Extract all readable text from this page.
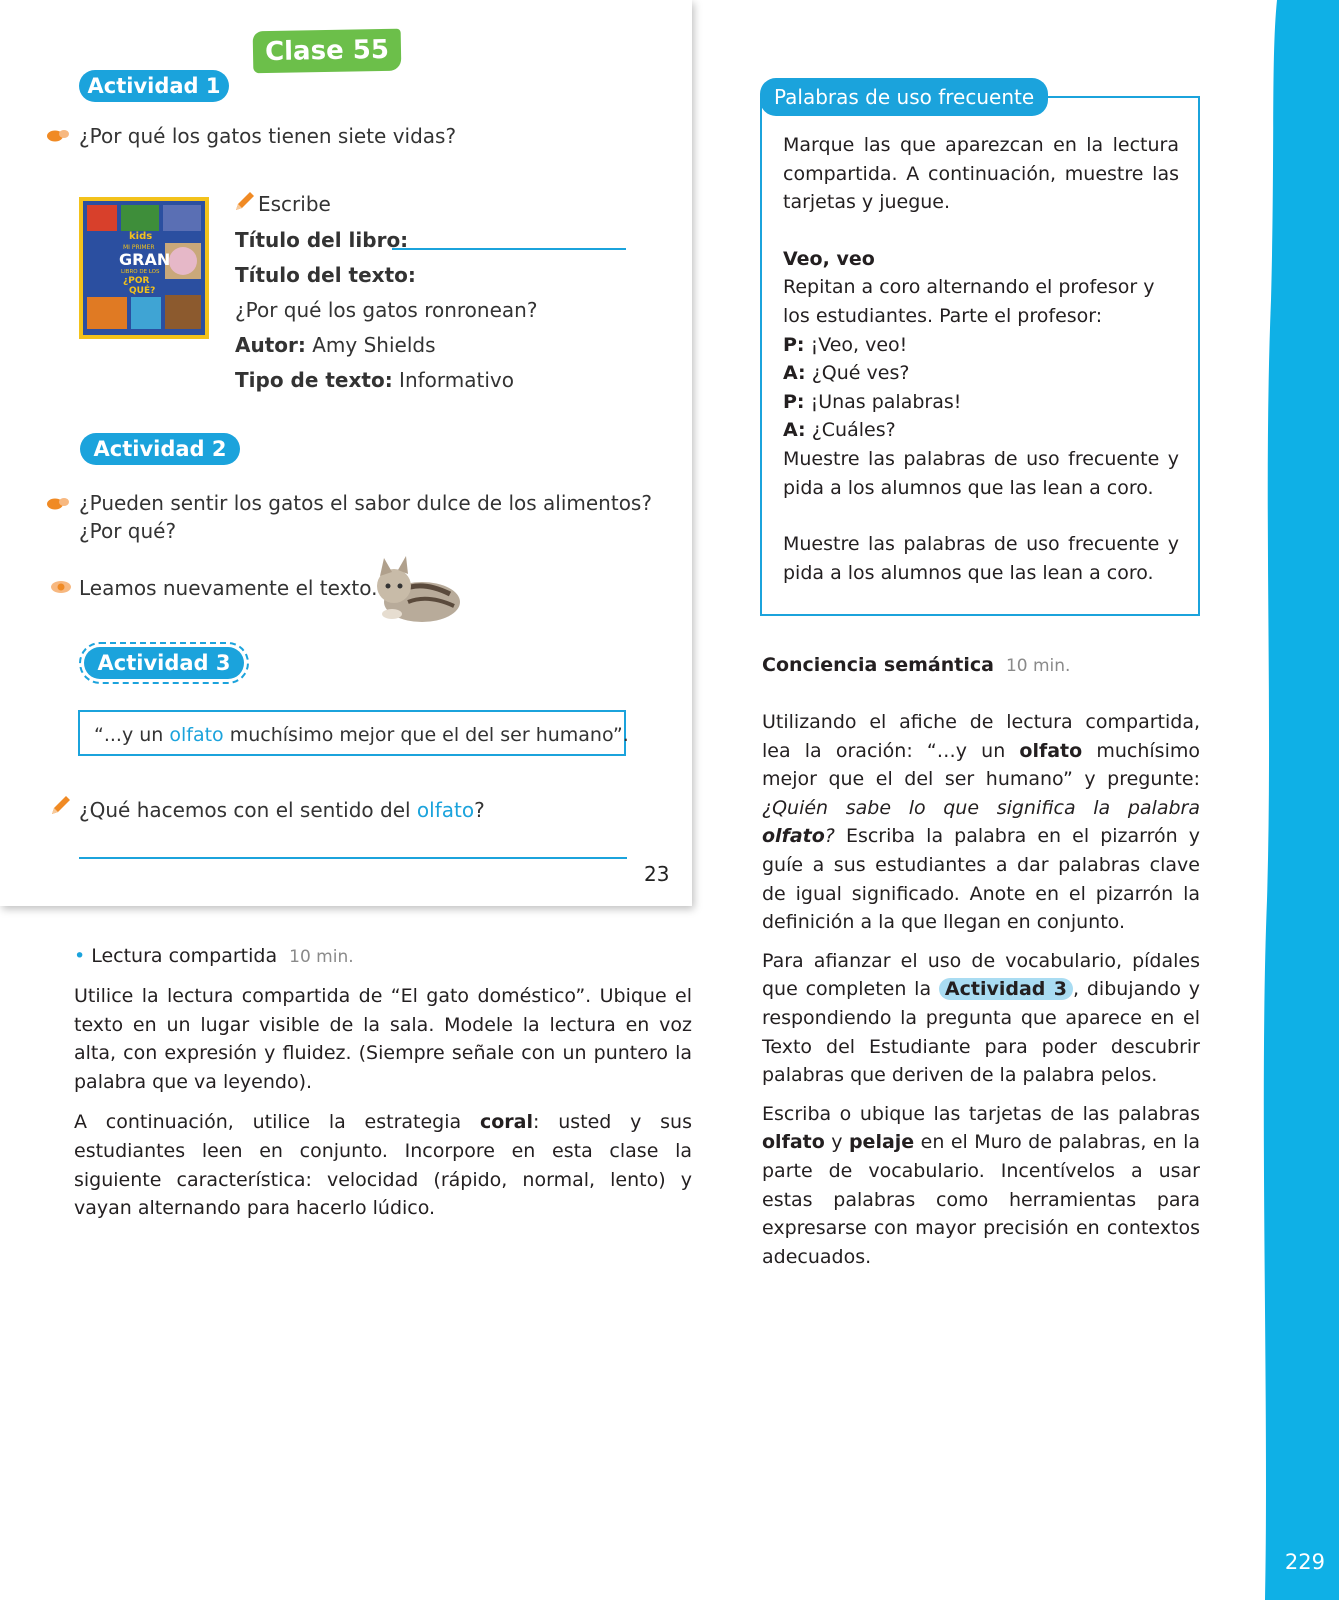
229
Clase 55
Actividad 1
¿Por qué los gatos tienen siete vidas?
kids
MI PRIMER
GRAN
LIBRO DE LOS
¿POR
QUÉ?
Escribe
Título del libro:
Título del texto:
¿Por qué los gatos ronronean?
Autor: Amy Shields
Tipo de texto: Informativo
Actividad 2
¿Pueden sentir los gatos el sabor dulce de los alimentos?
¿Por qué?
Leamos nuevamente el texto.
Actividad 3
“...y un olfato muchísimo mejor que el del ser humano”.
¿Qué hacemos con el sentido del olfato?
23
Palabras de uso frecuente

Marque las que aparezcan en la lectura compartida. A continuación, muestre las tarjetas y juegue.

Veo, veo

Repitan a coro alternando el profesor y los estudiantes. Parte el profesor:

P: ¡Veo, veo!

A: ¿Qué ves?

P: ¡Unas palabras!

A: ¿Cuáles?

Muestre las palabras de uso frecuente y pida a los alumnos que las lean a coro.

Muestre las palabras de uso frecuente y pida a los alumnos que las lean a coro.

Conciencia semántica 10 min.

Utilizando el afiche de lectura compartida, lea la oración: “…y un olfato muchísimo mejor que el del ser humano” y pregunte: ¿Quién sabe lo que significa la palabra olfato? Escriba la palabra en el pizarrón y guíe a sus estudiantes a dar palabras clave de igual significado. Anote en el pizarrón la definición a la que llegan en conjunto.

Para afianzar el uso de vocabulario, pídales que completen la Actividad 3 , dibujando y respondiendo la pregunta que aparece en el Texto del Estudiante para poder descubrir palabras que deriven de la palabra pelos.

Escriba o ubique las tarjetas de las palabras olfato y pelaje en el Muro de palabras, en la parte de vocabulario. Incentívelos a usar estas palabras como herramientas para expresarse con mayor precisión en contextos adecuados.

• Lectura compartida 10 min.

Utilice la lectura compartida de “El gato doméstico”. Ubique el texto en un lugar visible de la sala. Modele la lectura en voz alta, con expresión y fluidez. (Siempre señale con un puntero la palabra que va leyendo).

A continuación, utilice la estrategia coral: usted y sus estudiantes leen en conjunto. Incorpore en esta clase la siguiente característica: velocidad (rápido, normal, lento) y vayan alternando para hacerlo lúdico.
